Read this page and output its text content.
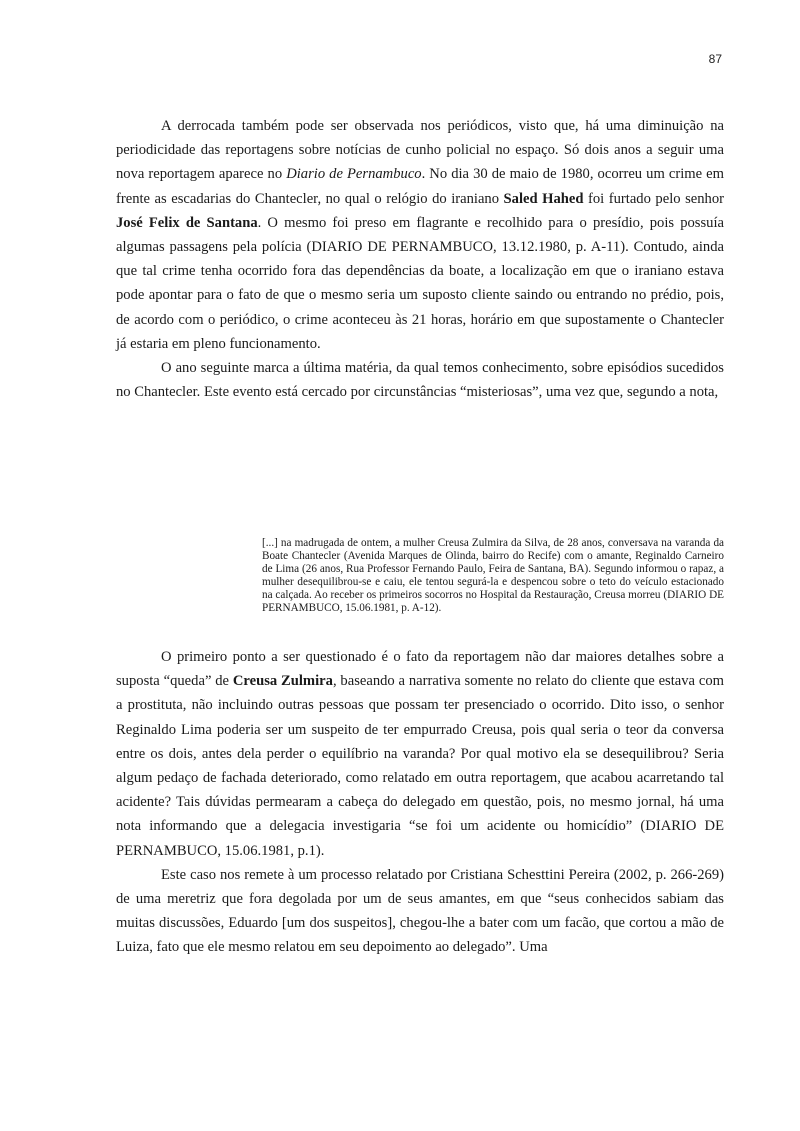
87

A derrocada também pode ser observada nos periódicos, visto que, há uma diminuição na periodicidade das reportagens sobre notícias de cunho policial no espaço. Só dois anos a seguir uma nova reportagem aparece no Diario de Pernambuco. No dia 30 de maio de 1980, ocorreu um crime em frente as escadarias do Chantecler, no qual o relógio do iraniano Saled Hahed foi furtado pelo senhor José Felix de Santana. O mesmo foi preso em flagrante e recolhido para o presídio, pois possuía algumas passagens pela polícia (DIARIO DE PERNAMBUCO, 13.12.1980, p. A-11). Contudo, ainda que tal crime tenha ocorrido fora das dependências da boate, a localização em que o iraniano estava pode apontar para o fato de que o mesmo seria um suposto cliente saindo ou entrando no prédio, pois, de acordo com o periódico, o crime aconteceu às 21 horas, horário em que supostamente o Chantecler já estaria em pleno funcionamento.

O ano seguinte marca a última matéria, da qual temos conhecimento, sobre episódios sucedidos no Chantecler. Este evento está cercado por circunstâncias “misteriosas”, uma vez que, segundo a nota,

[...] na madrugada de ontem, a mulher Creusa Zulmira da Silva, de 28 anos, conversava na varanda da Boate Chantecler (Avenida Marques de Olinda, bairro do Recife) com o amante, Reginaldo Carneiro de Lima (26 anos, Rua Professor Fernando Paulo, Feira de Santana, BA). Segundo informou o rapaz, a mulher desequilibrou-se e caiu, ele tentou segurá-la e despencou sobre o teto do veículo estacionado na calçada. Ao receber os primeiros socorros no Hospital da Restauração, Creusa morreu (DIARIO DE PERNAMBUCO, 15.06.1981, p. A-12).

O primeiro ponto a ser questionado é o fato da reportagem não dar maiores detalhes sobre a suposta “queda” de Creusa Zulmira, baseando a narrativa somente no relato do cliente que estava com a prostituta, não incluindo outras pessoas que possam ter presenciado o ocorrido. Dito isso, o senhor Reginaldo Lima poderia ser um suspeito de ter empurrado Creusa, pois qual seria o teor da conversa entre os dois, antes dela perder o equilíbrio na varanda? Por qual motivo ela se desequilibrou? Seria algum pedaço de fachada deteriorado, como relatado em outra reportagem, que acabou acarretando tal acidente? Tais dúvidas permearam a cabeça do delegado em questão, pois, no mesmo jornal, há uma nota informando que a delegacia investigaria “se foi um acidente ou homicídio” (DIARIO DE PERNAMBUCO, 15.06.1981, p.1).

Este caso nos remete à um processo relatado por Cristiana Schesttini Pereira (2002, p. 266-269) de uma meretriz que fora degolada por um de seus amantes, em que “seus conhecidos sabiam das muitas discussões, Eduardo [um dos suspeitos], chegou-lhe a bater com um facão, que cortou a mão de Luiza, fato que ele mesmo relatou em seu depoimento ao delegado”. Uma
